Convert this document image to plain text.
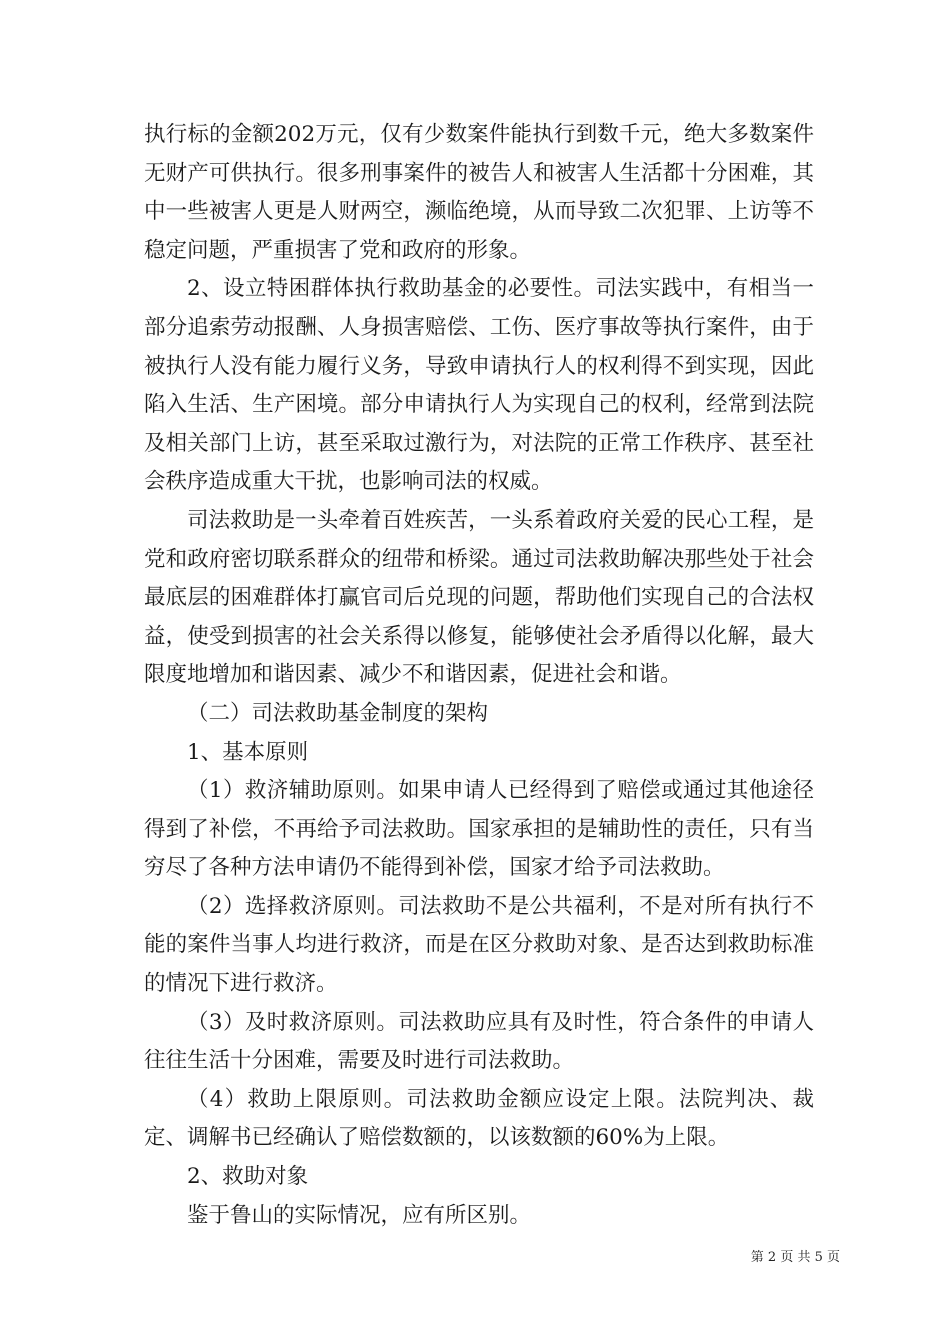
执行标的金额202万元，仅有少数案件能执行到数千元，绝大多数案件无财产可供执行。很多刑事案件的被告人和被害人生活都十分困难，其中一些被害人更是人财两空，濒临绝境，从而导致二次犯罪、上访等不稳定问题，严重损害了党和政府的形象。

2、设立特困群体执行救助基金的必要性。司法实践中，有相当一部分追索劳动报酬、人身损害赔偿、工伤、医疗事故等执行案件，由于被执行人没有能力履行义务，导致申请执行人的权利得不到实现，因此陷入生活、生产困境。部分申请执行人为实现自己的权利，经常到法院及相关部门上访，甚至采取过激行为，对法院的正常工作秩序、甚至社会秩序造成重大干扰，也影响司法的权威。

司法救助是一头牵着百姓疾苦，一头系着政府关爱的民心工程，是党和政府密切联系群众的纽带和桥梁。通过司法救助解决那些处于社会最底层的困难群体打赢官司后兑现的问题，帮助他们实现自己的合法权益，使受到损害的社会关系得以修复，能够使社会矛盾得以化解，最大限度地增加和谐因素、减少不和谐因素，促进社会和谐。

（二）司法救助基金制度的架构

1、基本原则

（1）救济辅助原则。如果申请人已经得到了赔偿或通过其他途径得到了补偿，不再给予司法救助。国家承担的是辅助性的责任，只有当穷尽了各种方法申请仍不能得到补偿，国家才给予司法救助。

（2）选择救济原则。司法救助不是公共福利，不是对所有执行不能的案件当事人均进行救济，而是在区分救助对象、是否达到救助标准的情况下进行救济。

（3）及时救济原则。司法救助应具有及时性，符合条件的申请人往往生活十分困难，需要及时进行司法救助。

（4）救助上限原则。司法救助金额应设定上限。法院判决、裁定、调解书已经确认了赔偿数额的，以该数额的60%为上限。

2、救助对象

鉴于鲁山的实际情况，应有所区别。

第 2 页 共 5 页
